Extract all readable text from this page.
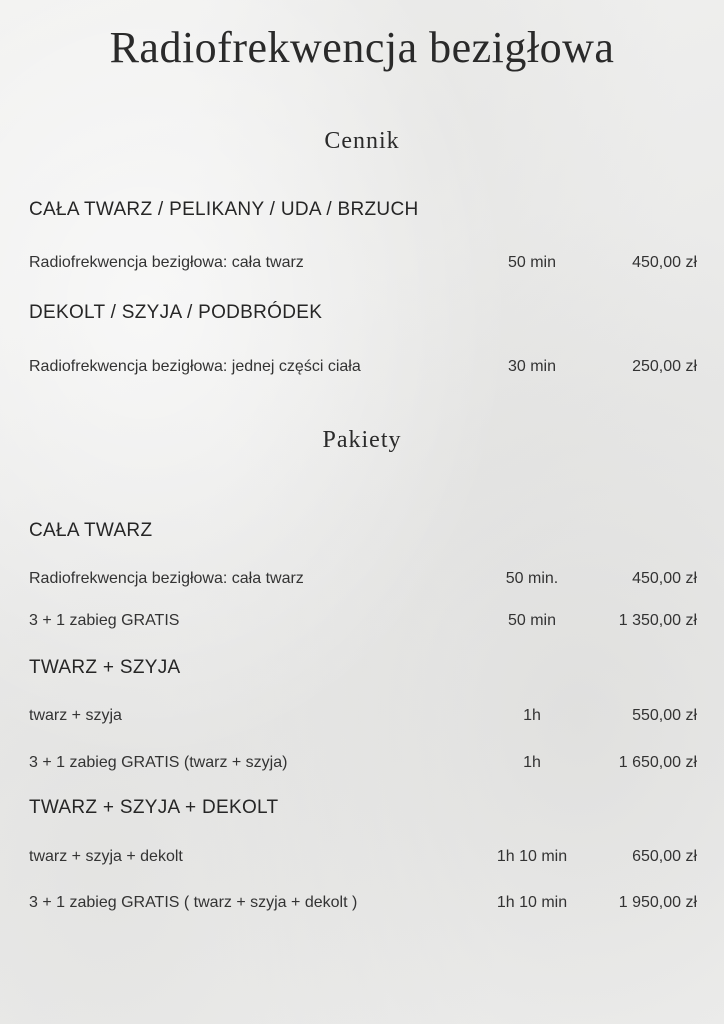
Radiofrekwencja bezigłowa
Cennik
CAŁA TWARZ / PELIKANY / UDA / BRZUCH
Radiofrekwencja bezigłowa: cała twarz	50 min	450,00 zł
DEKOLT / SZYJA / PODBRÓDEK
Radiofrekwencja bezigłowa: jednej części ciała	30 min	250,00 zł
Pakiety
CAŁA TWARZ
Radiofrekwencja bezigłowa: cała twarz	50 min.	450,00 zł
3 + 1 zabieg GRATIS	50 min	1 350,00 zł
TWARZ + SZYJA
twarz + szyja	1h	550,00 zł
3 + 1 zabieg GRATIS (twarz + szyja)	1h	1 650,00 zł
TWARZ + SZYJA + DEKOLT
twarz + szyja + dekolt	1h 10 min	650,00 zł
3 + 1 zabieg GRATIS ( twarz + szyja + dekolt )	1h 10 min	1 950,00 zł
